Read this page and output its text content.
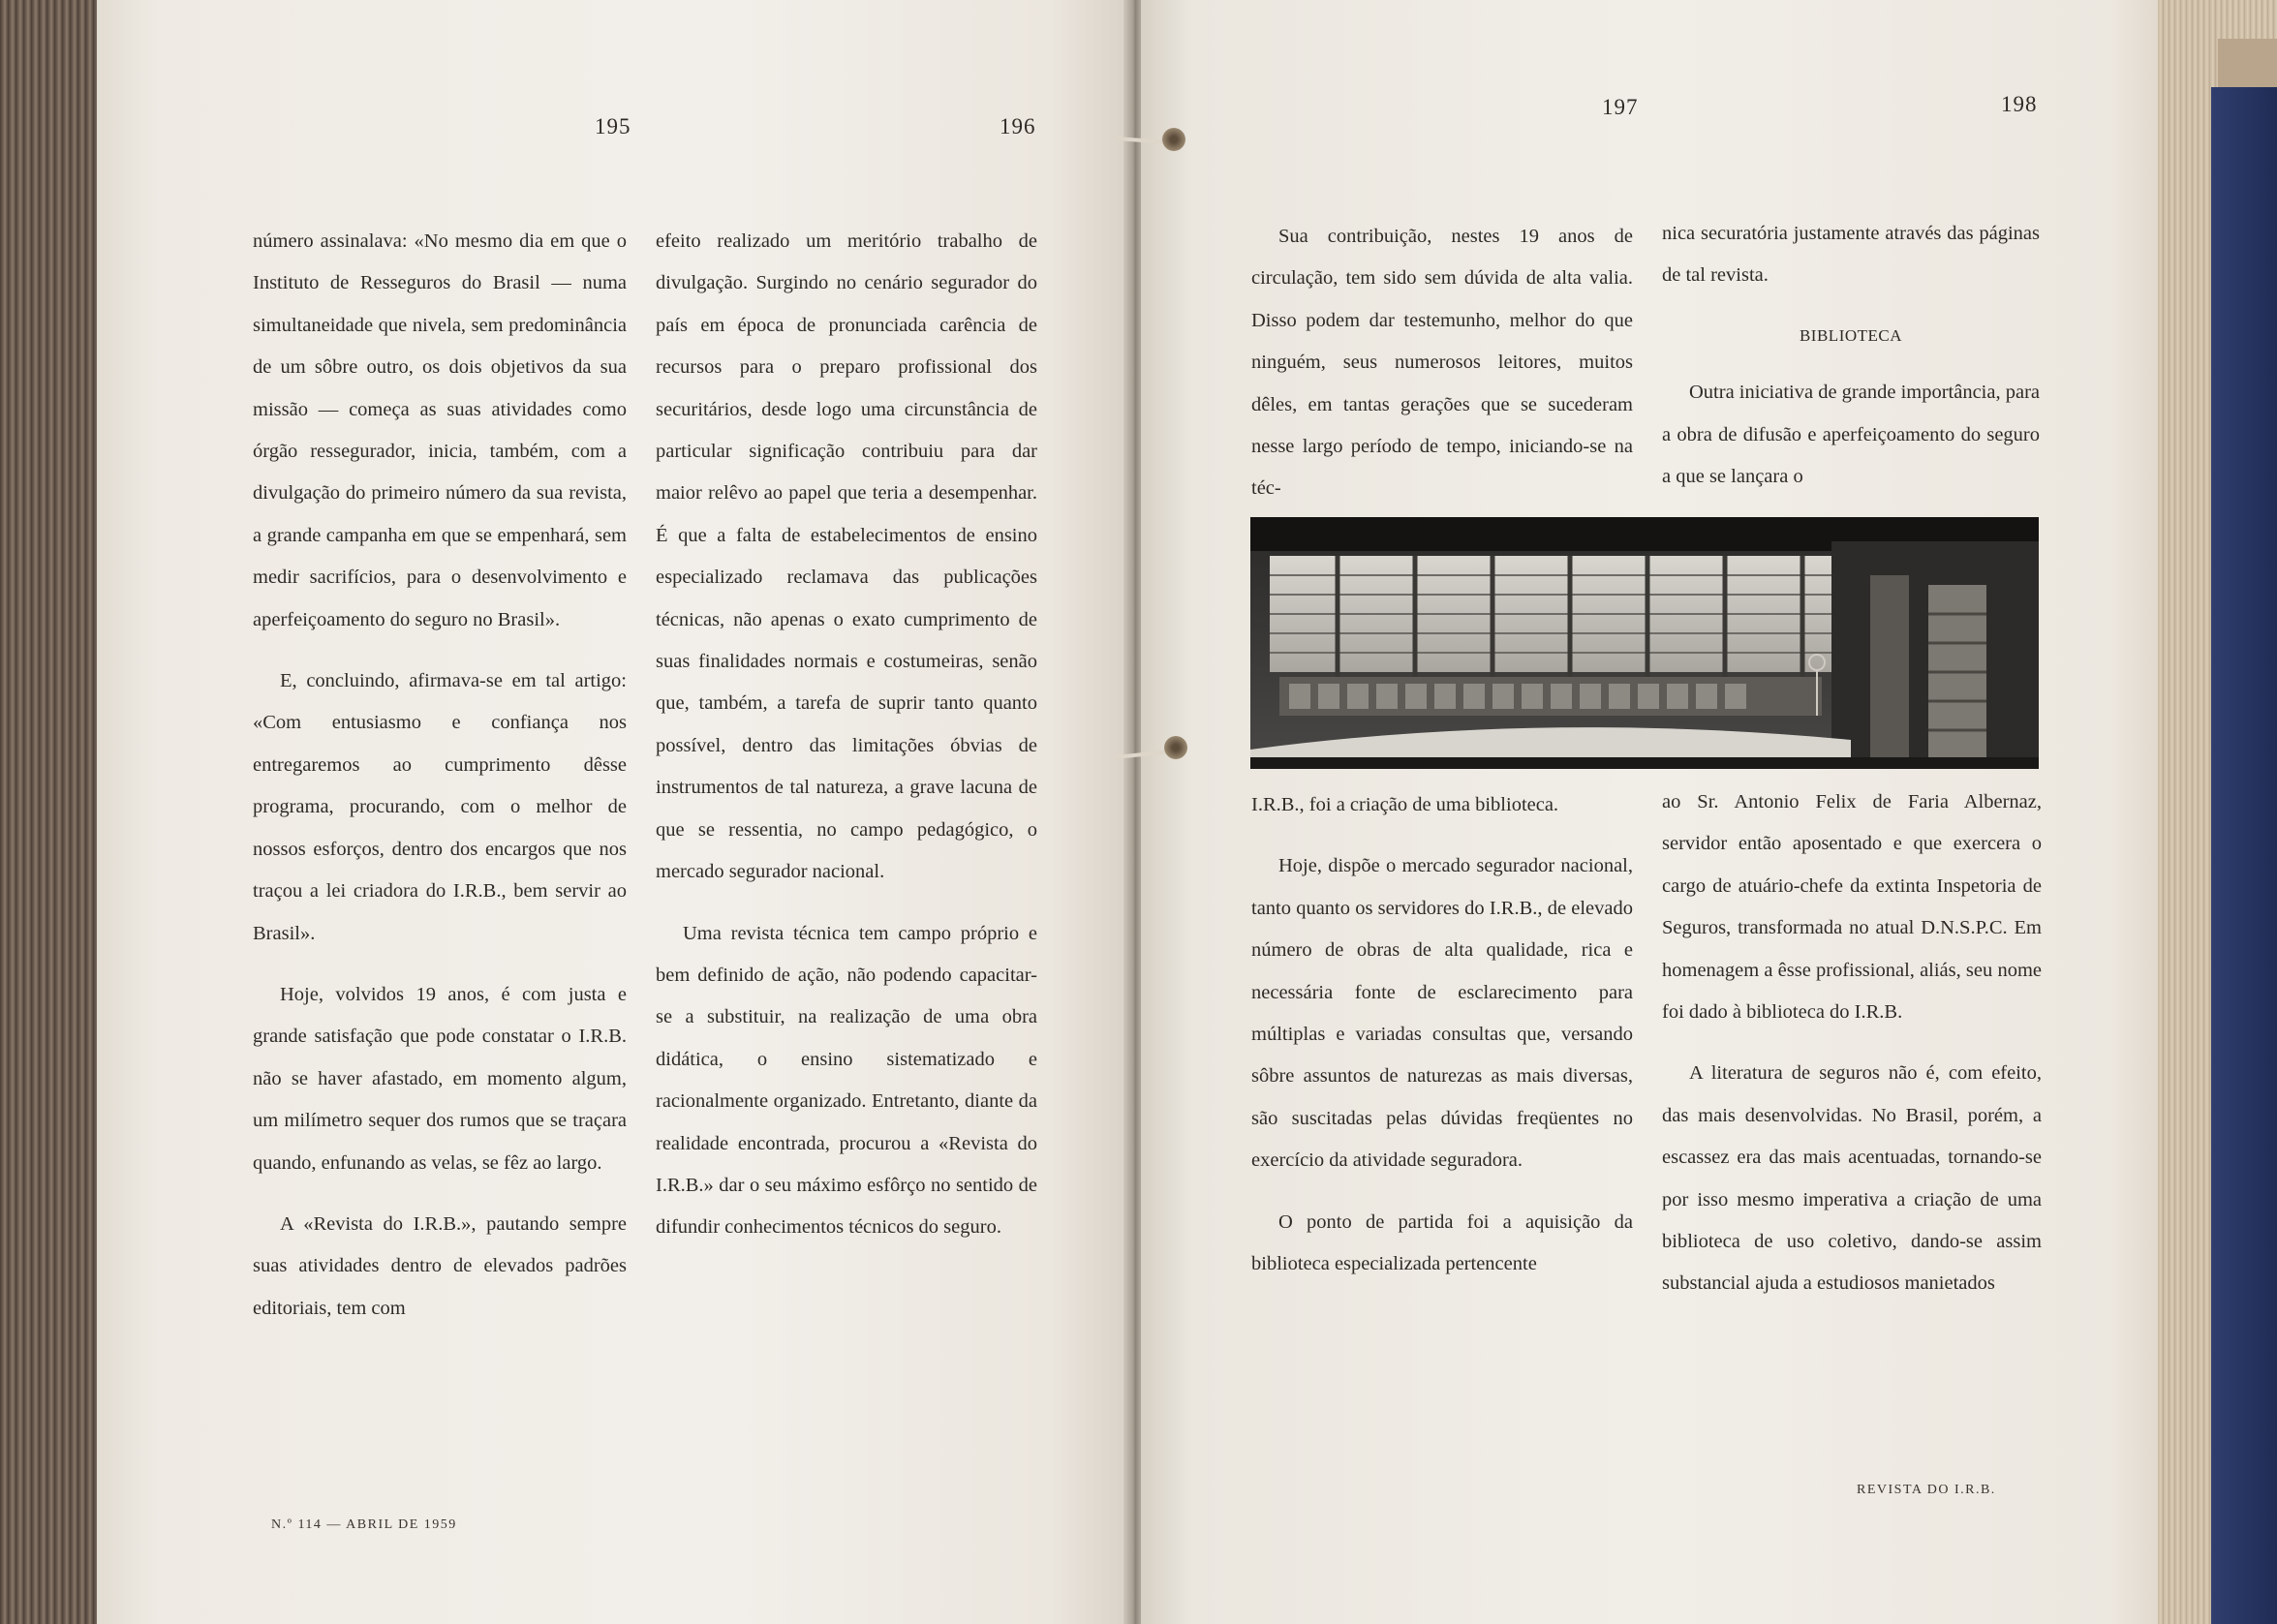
195	196
197	198

número assinalava: «No mesmo dia em que o Instituto de Resseguros do Brasil — numa simultaneidade que nivela, sem predominância de um sôbre outro, os dois objetivos da sua missão — começa as suas atividades como órgão ressegurador, inicia, também, com a divulgação do primeiro número da sua revista, a grande campanha em que se empenhará, sem medir sacrifícios, para o desenvolvimento e aperfeiçoamento do seguro no Brasil».

E, concluindo, afirmava-se em tal artigo: «Com entusiasmo e confiança nos entregaremos ao cumprimento dêsse programa, procurando, com o melhor de nossos esforços, dentro dos encargos que nos traçou a lei criadora do I.R.B., bem servir ao Brasil».

Hoje, volvidos 19 anos, é com justa e grande satisfação que pode constatar o I.R.B. não se haver afastado, em momento algum, um milímetro sequer dos rumos que se traçara quando, enfunando as velas, se fêz ao largo.

A «Revista do I.R.B.», pautando sempre suas atividades dentro de elevados padrões editoriais, tem com

efeito realizado um meritório trabalho de divulgação. Surgindo no cenário segurador do país em época de pronunciada carência de recursos para o preparo profissional dos securitários, desde logo uma circunstância de particular significação contribuiu para dar maior relêvo ao papel que teria a desempenhar. É que a falta de estabelecimentos de ensino especializado reclamava das publicações técnicas, não apenas o exato cumprimento de suas finalidades normais e costumeiras, senão que, também, a tarefa de suprir tanto quanto possível, dentro das limitações óbvias de instrumentos de tal natureza, a grave lacuna de que se ressentia, no campo pedagógico, o mercado segurador nacional.

Uma revista técnica tem campo próprio e bem definido de ação, não podendo capacitar-se a substituir, na realização de uma obra didática, o ensino sistematizado e racionalmente organizado. Entretanto, diante da realidade encontrada, procurou a «Revista do I.R.B.» dar o seu máximo esfôrço no sentido de difundir conhecimentos técnicos do seguro.

Sua contribuição, nestes 19 anos de circulação, tem sido sem dúvida de alta valia. Disso podem dar testemunho, melhor do que ninguém, seus numerosos leitores, muitos dêles, em tantas gerações que se sucederam nesse largo período de tempo, iniciando-se na téc-

nica securatória justamente através das páginas de tal revista.

BIBLIOTECA

Outra iniciativa de grande importância, para a obra de difusão e aperfeiçoamento do seguro a que se lançara o

I.R.B., foi a criação de uma biblioteca.

Hoje, dispõe o mercado segurador nacional, tanto quanto os servidores do I.R.B., de elevado número de obras de alta qualidade, rica e necessária fonte de esclarecimento para múltiplas e variadas consultas que, versando sôbre assuntos de naturezas as mais diversas, são suscitadas pelas dúvidas freqüentes no exercício da atividade seguradora.

O ponto de partida foi a aquisição da biblioteca especializada pertencente

ao Sr. Antonio Felix de Faria Albernaz, servidor então aposentado e que exercera o cargo de atuário-chefe da extinta Inspetoria de Seguros, transformada no atual D.N.S.P.C. Em homenagem a êsse profissional, aliás, seu nome foi dado à biblioteca do I.R.B.

A literatura de seguros não é, com efeito, das mais desenvolvidas. No Brasil, porém, a escassez era das mais acentuadas, tornando-se por isso mesmo imperativa a criação de uma biblioteca de uso coletivo, dando-se assim substancial ajuda a estudiosos manietados

N.º 114 — ABRIL DE 1959
REVISTA DO I.R.B.
